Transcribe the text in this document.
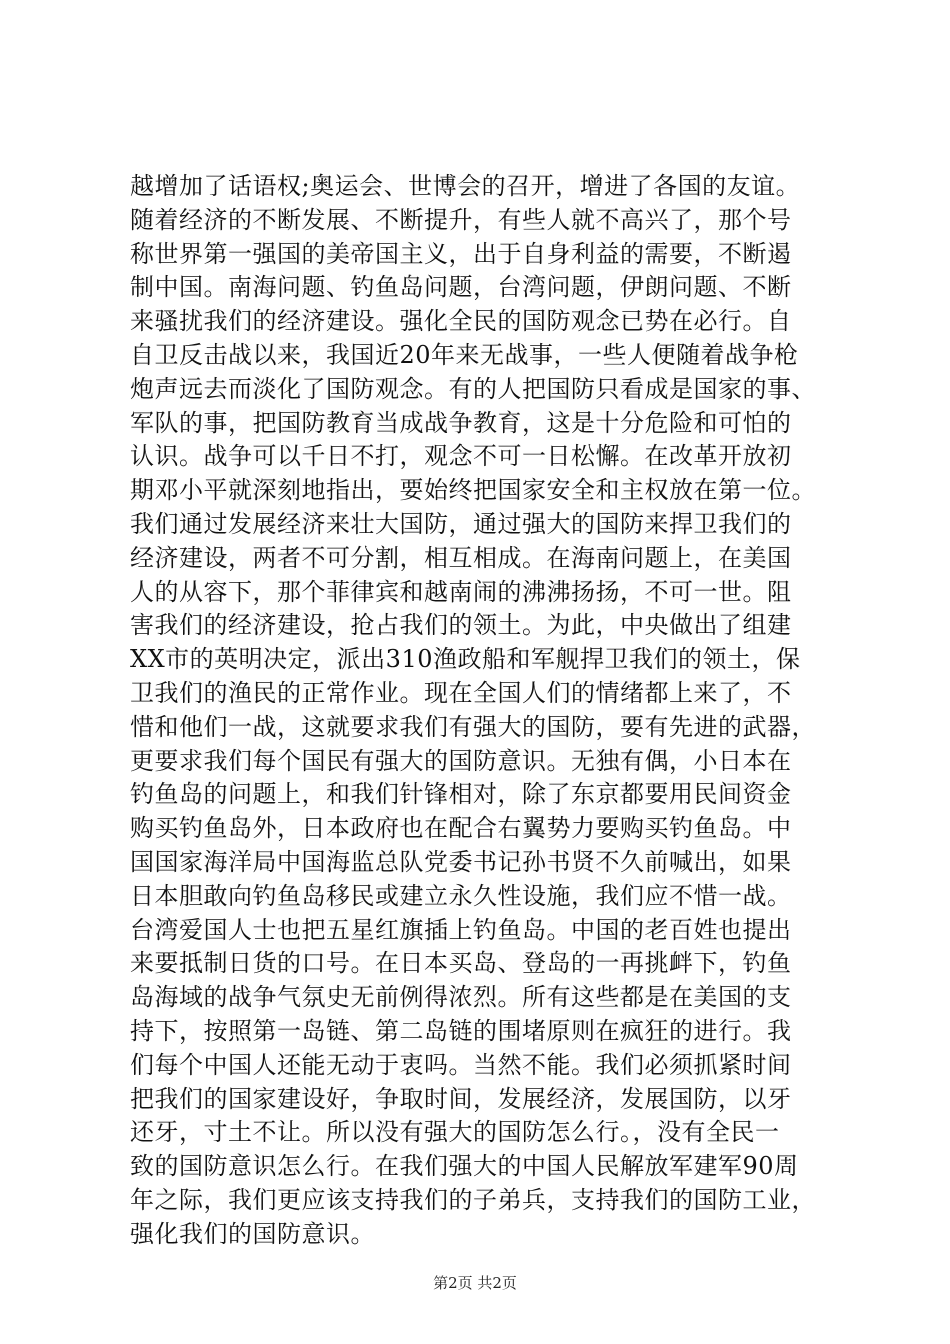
越增加了话语权;奥运会、世博会的召开，增进了各国的友谊。
随着经济的不断发展、不断提升，有些人就不高兴了，那个号
称世界第一强国的美帝国主义，出于自身利益的需要，不断遏
制中国。南海问题、钓鱼岛问题，台湾问题，伊朗问题、不断
来骚扰我们的经济建设。强化全民的国防观念已势在必行。自
自卫反击战以来，我国近20年来无战事，一些人便随着战争枪
炮声远去而淡化了国防观念。有的人把国防只看成是国家的事、
军队的事，把国防教育当成战争教育，这是十分危险和可怕的
认识。战争可以千日不打，观念不可一日松懈。在改革开放初
期邓小平就深刻地指出，要始终把国家安全和主权放在第一位。
我们通过发展经济来壮大国防，通过强大的国防来捍卫我们的
经济建设，两者不可分割，相互相成。在海南问题上，在美国
人的从容下，那个菲律宾和越南闹的沸沸扬扬，不可一世。阻
害我们的经济建设，抢占我们的领土。为此，中央做出了组建
XX市的英明决定，派出310渔政船和军舰捍卫我们的领土，保
卫我们的渔民的正常作业。现在全国人们的情绪都上来了，不
惜和他们一战，这就要求我们有强大的国防，要有先进的武器，
更要求我们每个国民有强大的国防意识。无独有偶，小日本在
钓鱼岛的问题上，和我们针锋相对，除了东京都要用民间资金
购买钓鱼岛外，日本政府也在配合右翼势力要购买钓鱼岛。中
国国家海洋局中国海监总队党委书记孙书贤不久前喊出，如果
日本胆敢向钓鱼岛移民或建立永久性设施，我们应不惜一战。
台湾爱国人士也把五星红旗插上钓鱼岛。中国的老百姓也提出
来要抵制日货的口号。在日本买岛、登岛的一再挑衅下，钓鱼
岛海域的战争气氛史无前例得浓烈。所有这些都是在美国的支
持下，按照第一岛链、第二岛链的围堵原则在疯狂的进行。我
们每个中国人还能无动于衷吗。当然不能。我们必须抓紧时间
把我们的国家建设好，争取时间，发展经济，发展国防，以牙
还牙，寸土不让。所以没有强大的国防怎么行。，没有全民一
致的国防意识怎么行。在我们强大的中国人民解放军建军90周
年之际，我们更应该支持我们的子弟兵，支持我们的国防工业，
强化我们的国防意识。
第2页 共2页
